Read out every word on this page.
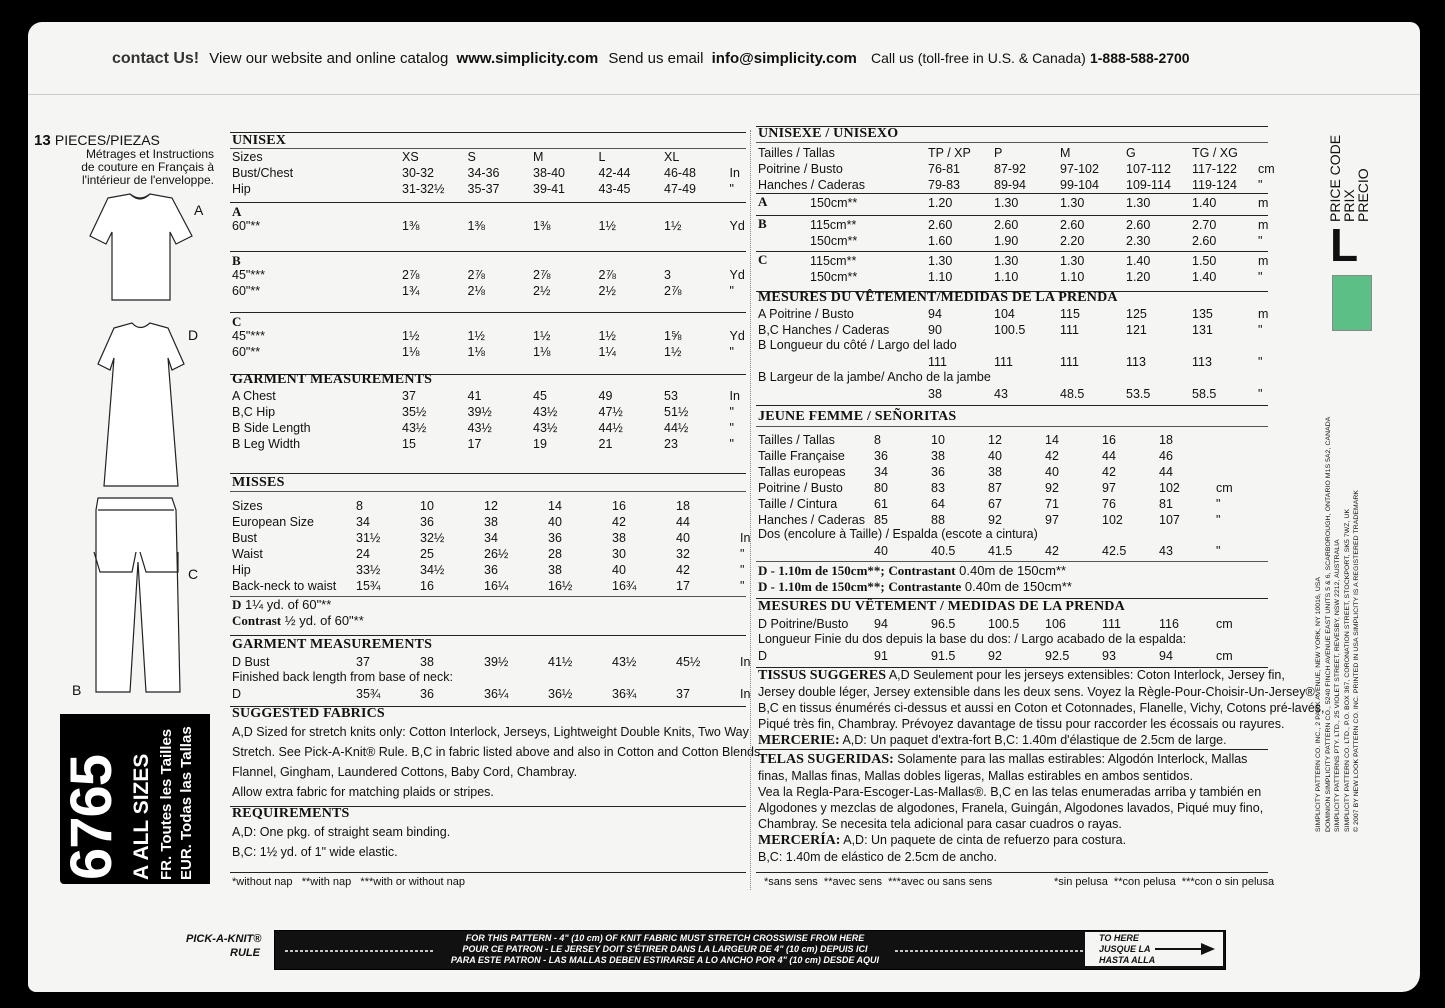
contact Us! View our website and online catalog www.simplicity.com Send us email info@simplicity.com Call us (toll-free in U.S. & Canada) 1-888-588-2700
13 PIECES/PIEZAS
Métrages et Instructions
de couture en Français à
l'intérieur de l'enveloppe.
A
D
C
B
6765 A ALL SIZES FR. Toutes les Tailles EUR. Todas las Tallas
UNISEX
Sizes	XS	S	M	L	XL	
Bust/Chest	30-32	34-36	38-40	42-44	46-48	In
Hip	31-32½	35-37	39-41	43-45	47-49	"
A
60"**	1⅜	1⅜	1⅜	1½	1½	Yd
B
45"***	2⅞	2⅞	2⅞	2⅞	3	Yd
60"**	1¾	2⅛	2½	2½	2⅞	"
C
45"***	1½	1½	1½	1½	1⅝	Yd
60"**	1⅛	1⅛	1⅛	1¼	1½	"
GARMENT MEASUREMENTS
A Chest	37	41	45	49	53	In
B,C Hip	35½	39½	43½	47½	51½	"
B Side Length	43½	43½	43½	44½	44½	"
B Leg Width	15	17	19	21	23	"
MISSES
Sizes	8	10	12	14	16	18	
European Size	34	36	38	40	42	44	
Bust	31½	32½	34	36	38	40	In
Waist	24	25	26½	28	30	32	"
Hip	33½	34½	36	38	40	42	"
Back-neck to waist	15¾	16	16¼	16½	16¾	17	"
D 1¼ yd. of 60"**
Contrast ½ yd. of 60"**
GARMENT MEASUREMENTS
D Bust	37	38	39½	41½	43½	45½	In
Finished back length from base of neck:
D	35¾	36	36¼	36½	36¾	37	In
SUGGESTED FABRICS
A,D Sized for stretch knits only: Cotton Interlock, Jerseys, Lightweight Double Knits, Two Way
Stretch. See Pick-A-Knit® Rule. B,C in fabric listed above and also in Cotton and Cotton Blends,
Flannel, Gingham, Laundered Cottons, Baby Cord, Chambray.
Allow extra fabric for matching plaids or stripes.
REQUIREMENTS
A,D: One pkg. of straight seam binding.
B,C: 1½ yd. of 1" wide elastic.
*without nap   **with nap   ***with or without nap
UNISEXE / UNISEXO
Tailles / Tallas	TP / XP	P	M	G	TG / XG	
Poitrine / Busto	76-81	87-92	97-102	107-112	117-122	cm
Hanches / Caderas	79-83	89-94	99-104	109-114	119-124	"
A	150cm**	1.20	1.30	1.30	1.30	1.40	m
B	115cm**	2.60	2.60	2.60	2.60	2.70	m
150cm**	1.60	1.90	2.20	2.30	2.60	"
C	115cm**	1.30	1.30	1.30	1.40	1.50	m
150cm**	1.10	1.10	1.10	1.20	1.40	"
MESURES DU VÊTEMENT/MEDIDAS DE LA PRENDA
A Poitrine / Busto	94	104	115	125	135	m
B,C Hanches / Caderas	90	100.5	111	121	131	"
B Longueur du côté / Largo del lado
	111	111	111	113	113	"
B Largeur de la jambe/ Ancho de la jambe
	38	43	48.5	53.5	58.5	"
JEUNE FEMME / SEÑORITAS
Tailles / Tallas	8	10	12	14	16	18	
Taille Française	36	38	40	42	44	46	
Tallas europeas	34	36	38	40	42	44	
Poitrine / Busto	80	83	87	92	97	102	cm
Taille / Cintura	61	64	67	71	76	81	"
Hanches / Caderas	85	88	92	97	102	107	"
Dos (encolure à Taille) / Espalda (escote a cintura)
	40	40.5	41.5	42	42.5	43	"
D - 1.10m de 150cm**; Contrastant 0.40m de 150cm**
D - 1.10m de 150cm**; Contrastante 0.40m de 150cm**
MESURES DU VÊTEMENT / MEDIDAS DE LA PRENDA
D Poitrine/Busto	94	96.5	100.5	106	111	116	cm
Longueur Finie du dos depuis la base du dos: / Largo acabado de la espalda:
D	91	91.5	92	92.5	93	94	cm
TISSUS SUGGERES A,D Seulement pour les jerseys extensibles: Coton Interlock, Jersey fin,
Jersey double léger, Jersey extensible dans les deux sens. Voyez la Règle-Pour-Choisir-Un-Jersey®.
B,C en tissus énumérés ci-dessus et aussi en Coton et Cotonnades, Flanelle, Vichy, Cotons pré-lavés,
Piqué très fin, Chambray. Prévoyez davantage de tissu pour raccorder les écossais ou rayures.
MERCERIE: A,D: Un paquet d'extra-fort B,C: 1.40m d'élastique de 2.5cm de large.
TELAS SUGERIDAS: Solamente para las mallas estirables: Algodón Interlock, Mallas
finas, Mallas finas, Mallas dobles ligeras, Mallas estirables en ambos sentidos.
Vea la Regla-Para-Escoger-Las-Mallas®. B,C en las telas enumeradas arriba y también en
Algodones y mezclas de algodones, Franela, Guingán, Algodones lavados, Piqué muy fino,
Chambray. Se necesita tela adicional para casar cuadros o rayas.
MERCERÍA: A,D: Un paquete de cinta de refuerzo para costura.
B,C: 1.40m de elástico de 2.5cm de ancho.
*sans sens  **avec sens  ***avec ou sans sens	*sin pelusa  **con pelusa  ***con o sin pelusa
PRICE CODE
PRIX
PRECIO
L
SIMPLICITY PATTERN CO. INC., 2 PARK AVENUE, NEW YORK, NY 10016, USA DOMINION SIMPLICITY PATTERN CO., 5240 FINCH AVENUE EAST UNITS 5 & 6, SCARBOROUGH, ONTARIO M1S 5A2, CANADA SIMPLICITY PATTERNS PTY. LTD., 25 VIOLET STREET, REVESBY, NSW 2212, AUSTRALIA SIMPLICITY PATTERN CO. LTD., P.O. BOX 367, CORONATION STREET, STOCKPORT, SK5 7WZ, UK © 2007 BY NEW LOOK PATTERN CO. INC. PRINTED IN USA SIMPLICITY IS A REGISTERED TRADEMARK
PICK-A-KNIT®
RULE
FOR THIS PATTERN - 4" (10 cm) OF KNIT FABRIC MUST STRETCH CROSSWISE FROM HERE
POUR CE PATRON - LE JERSEY DOIT S'ÉTIRER DANS LA LARGEUR DE 4" (10 cm) DEPUIS ICI
PARA ESTE PATRON - LAS MALLAS DEBEN ESTIRARSE A LO ANCHO POR 4" (10 cm) DESDE AQUI
TO HERE
JUSQUE LA
HASTA ALLA
